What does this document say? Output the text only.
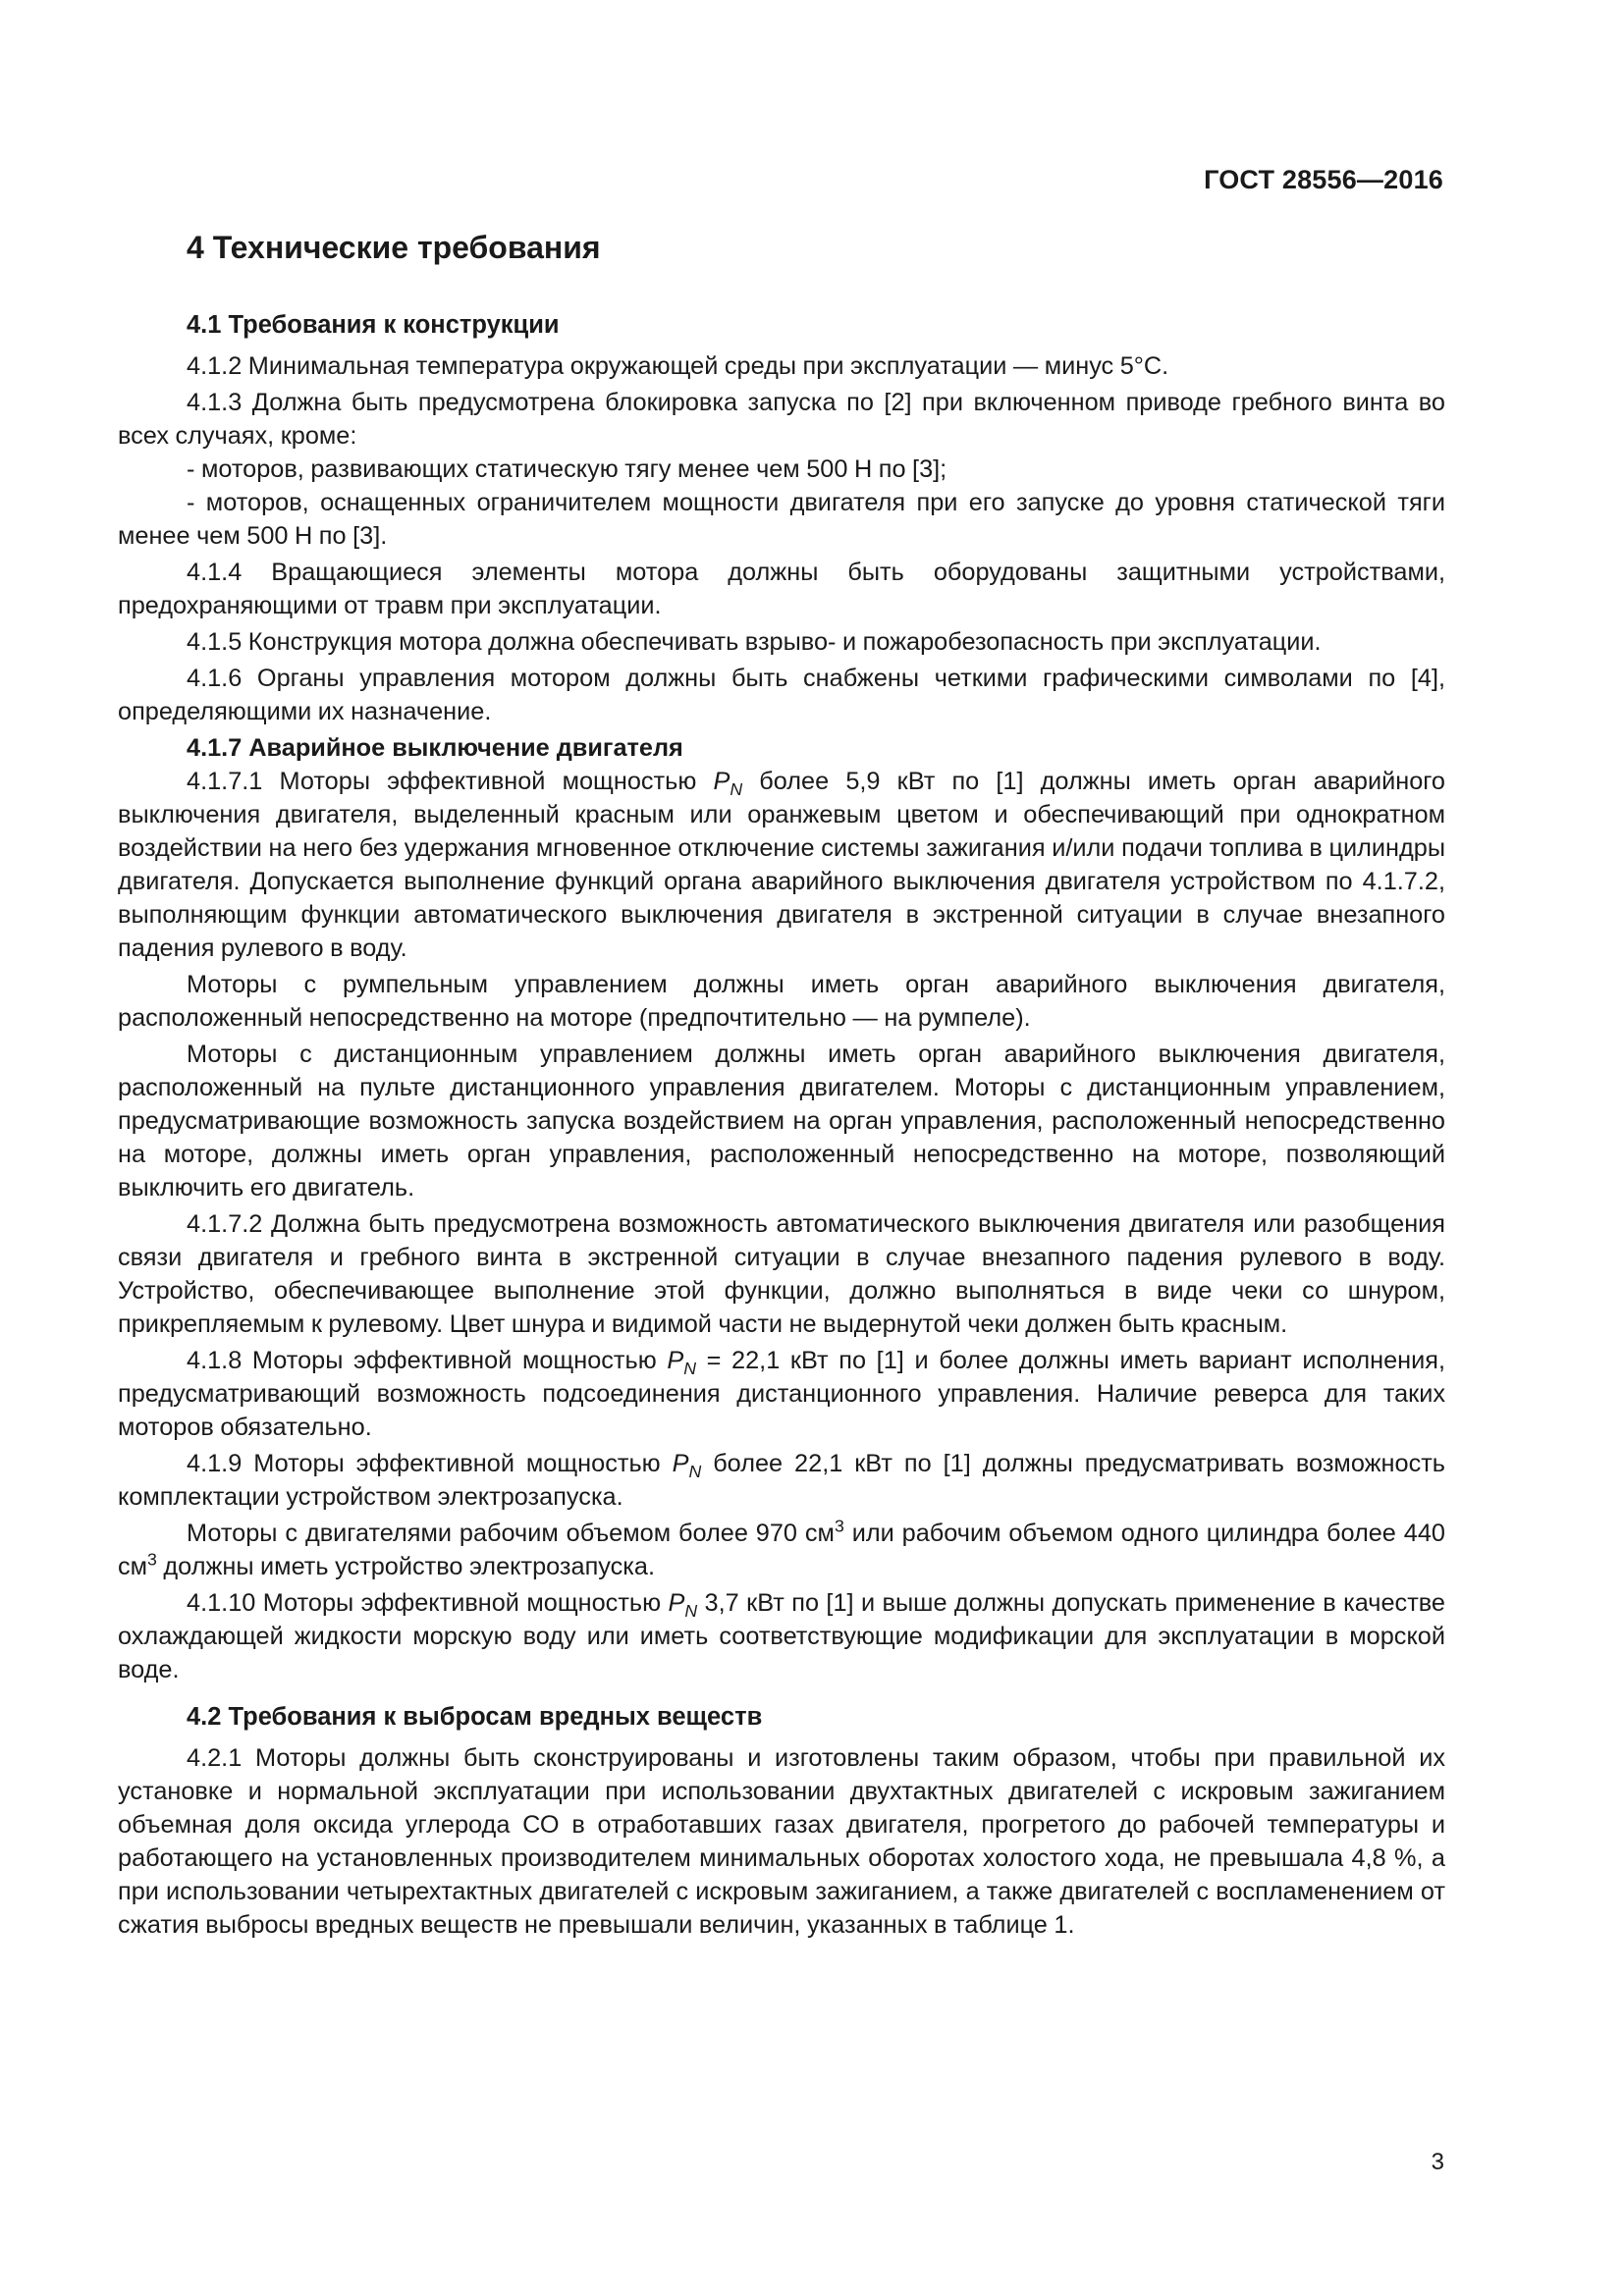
ГОСТ 28556—2016
4 Технические требования
4.1 Требования к конструкции

4.1.2 Минимальная температура окружающей среды при эксплуатации — минус 5°С.

4.1.3 Должна быть предусмотрена блокировка запуска по [2] при включенном приводе гребного винта во всех случаях, кроме:

- моторов, развивающих статическую тягу менее чем 500 Н по [3];

- моторов, оснащенных ограничителем мощности двигателя при его запуске до уровня статической тяги менее чем 500 Н по [3].

4.1.4 Вращающиеся элементы мотора должны быть оборудованы защитными устройствами, предохраняющими от травм при эксплуатации.

4.1.5 Конструкция мотора должна обеспечивать взрыво- и пожаробезопасность при эксплуатации.

4.1.6 Органы управления мотором должны быть снабжены четкими графическими символами по [4], определяющими их назначение.

4.1.7 Аварийное выключение двигателя

4.1.7.1 Моторы эффективной мощностью $P_N$ более 5,9 кВт по [1] должны иметь орган аварийного выключения двигателя, выделенный красным или оранжевым цветом и обеспечивающий при однократном воздействии на него без удержания мгновенное отключение системы зажигания и/или подачи топлива в цилиндры двигателя. Допускается выполнение функций органа аварийного выключения двигателя устройством по 4.1.7.2, выполняющим функции автоматического выключения двигателя в экстренной ситуации в случае внезапного падения рулевого в воду.

Моторы с румпельным управлением должны иметь орган аварийного выключения двигателя, расположенный непосредственно на моторе (предпочтительно — на румпеле).

Моторы с дистанционным управлением должны иметь орган аварийного выключения двигателя, расположенный на пульте дистанционного управления двигателем. Моторы с дистанционным управлением, предусматривающие возможность запуска воздействием на орган управления, расположенный непосредственно на моторе, должны иметь орган управления, расположенный непосредственно на моторе, позволяющий выключить его двигатель.

4.1.7.2 Должна быть предусмотрена возможность автоматического выключения двигателя или разобщения связи двигателя и гребного винта в экстренной ситуации в случае внезапного падения рулевого в воду. Устройство, обеспечивающее выполнение этой функции, должно выполняться в виде чеки со шнуром, прикрепляемым к рулевому. Цвет шнура и видимой части не выдернутой чеки должен быть красным.

4.1.8 Моторы эффективной мощностью $P_N = 22,1$ кВт по [1] и более должны иметь вариант исполнения, предусматривающий возможность подсоединения дистанционного управления. Наличие реверса для таких моторов обязательно.

4.1.9 Моторы эффективной мощностью $P_N$ более 22,1 кВт по [1] должны предусматривать возможность комплектации устройством электрозапуска.

Моторы с двигателями рабочим объемом более 970 $см^3$ или рабочим объемом одного цилиндра более 440 $см^3$ должны иметь устройство электрозапуска.

4.1.10 Моторы эффективной мощностью $P_N$ 3,7 кВт по [1] и выше должны допускать применение в качестве охлаждающей жидкости морскую воду или иметь соответствующие модификации для эксплуатации в морской воде.

4.2 Требования к выбросам вредных веществ

4.2.1 Моторы должны быть сконструированы и изготовлены таким образом, чтобы при правильной их установке и нормальной эксплуатации при использовании двухтактных двигателей с искровым зажиганием объемная доля оксида углерода СО в отработавших газах двигателя, прогретого до рабочей температуры и работающего на установленных производителем минимальных оборотах холостого хода, не превышала 4,8 %, а при использовании четырехтактных двигателей с искровым зажиганием, а также двигателей с воспламенением от сжатия выбросы вредных веществ не превышали величин, указанных в таблице 1.

3
